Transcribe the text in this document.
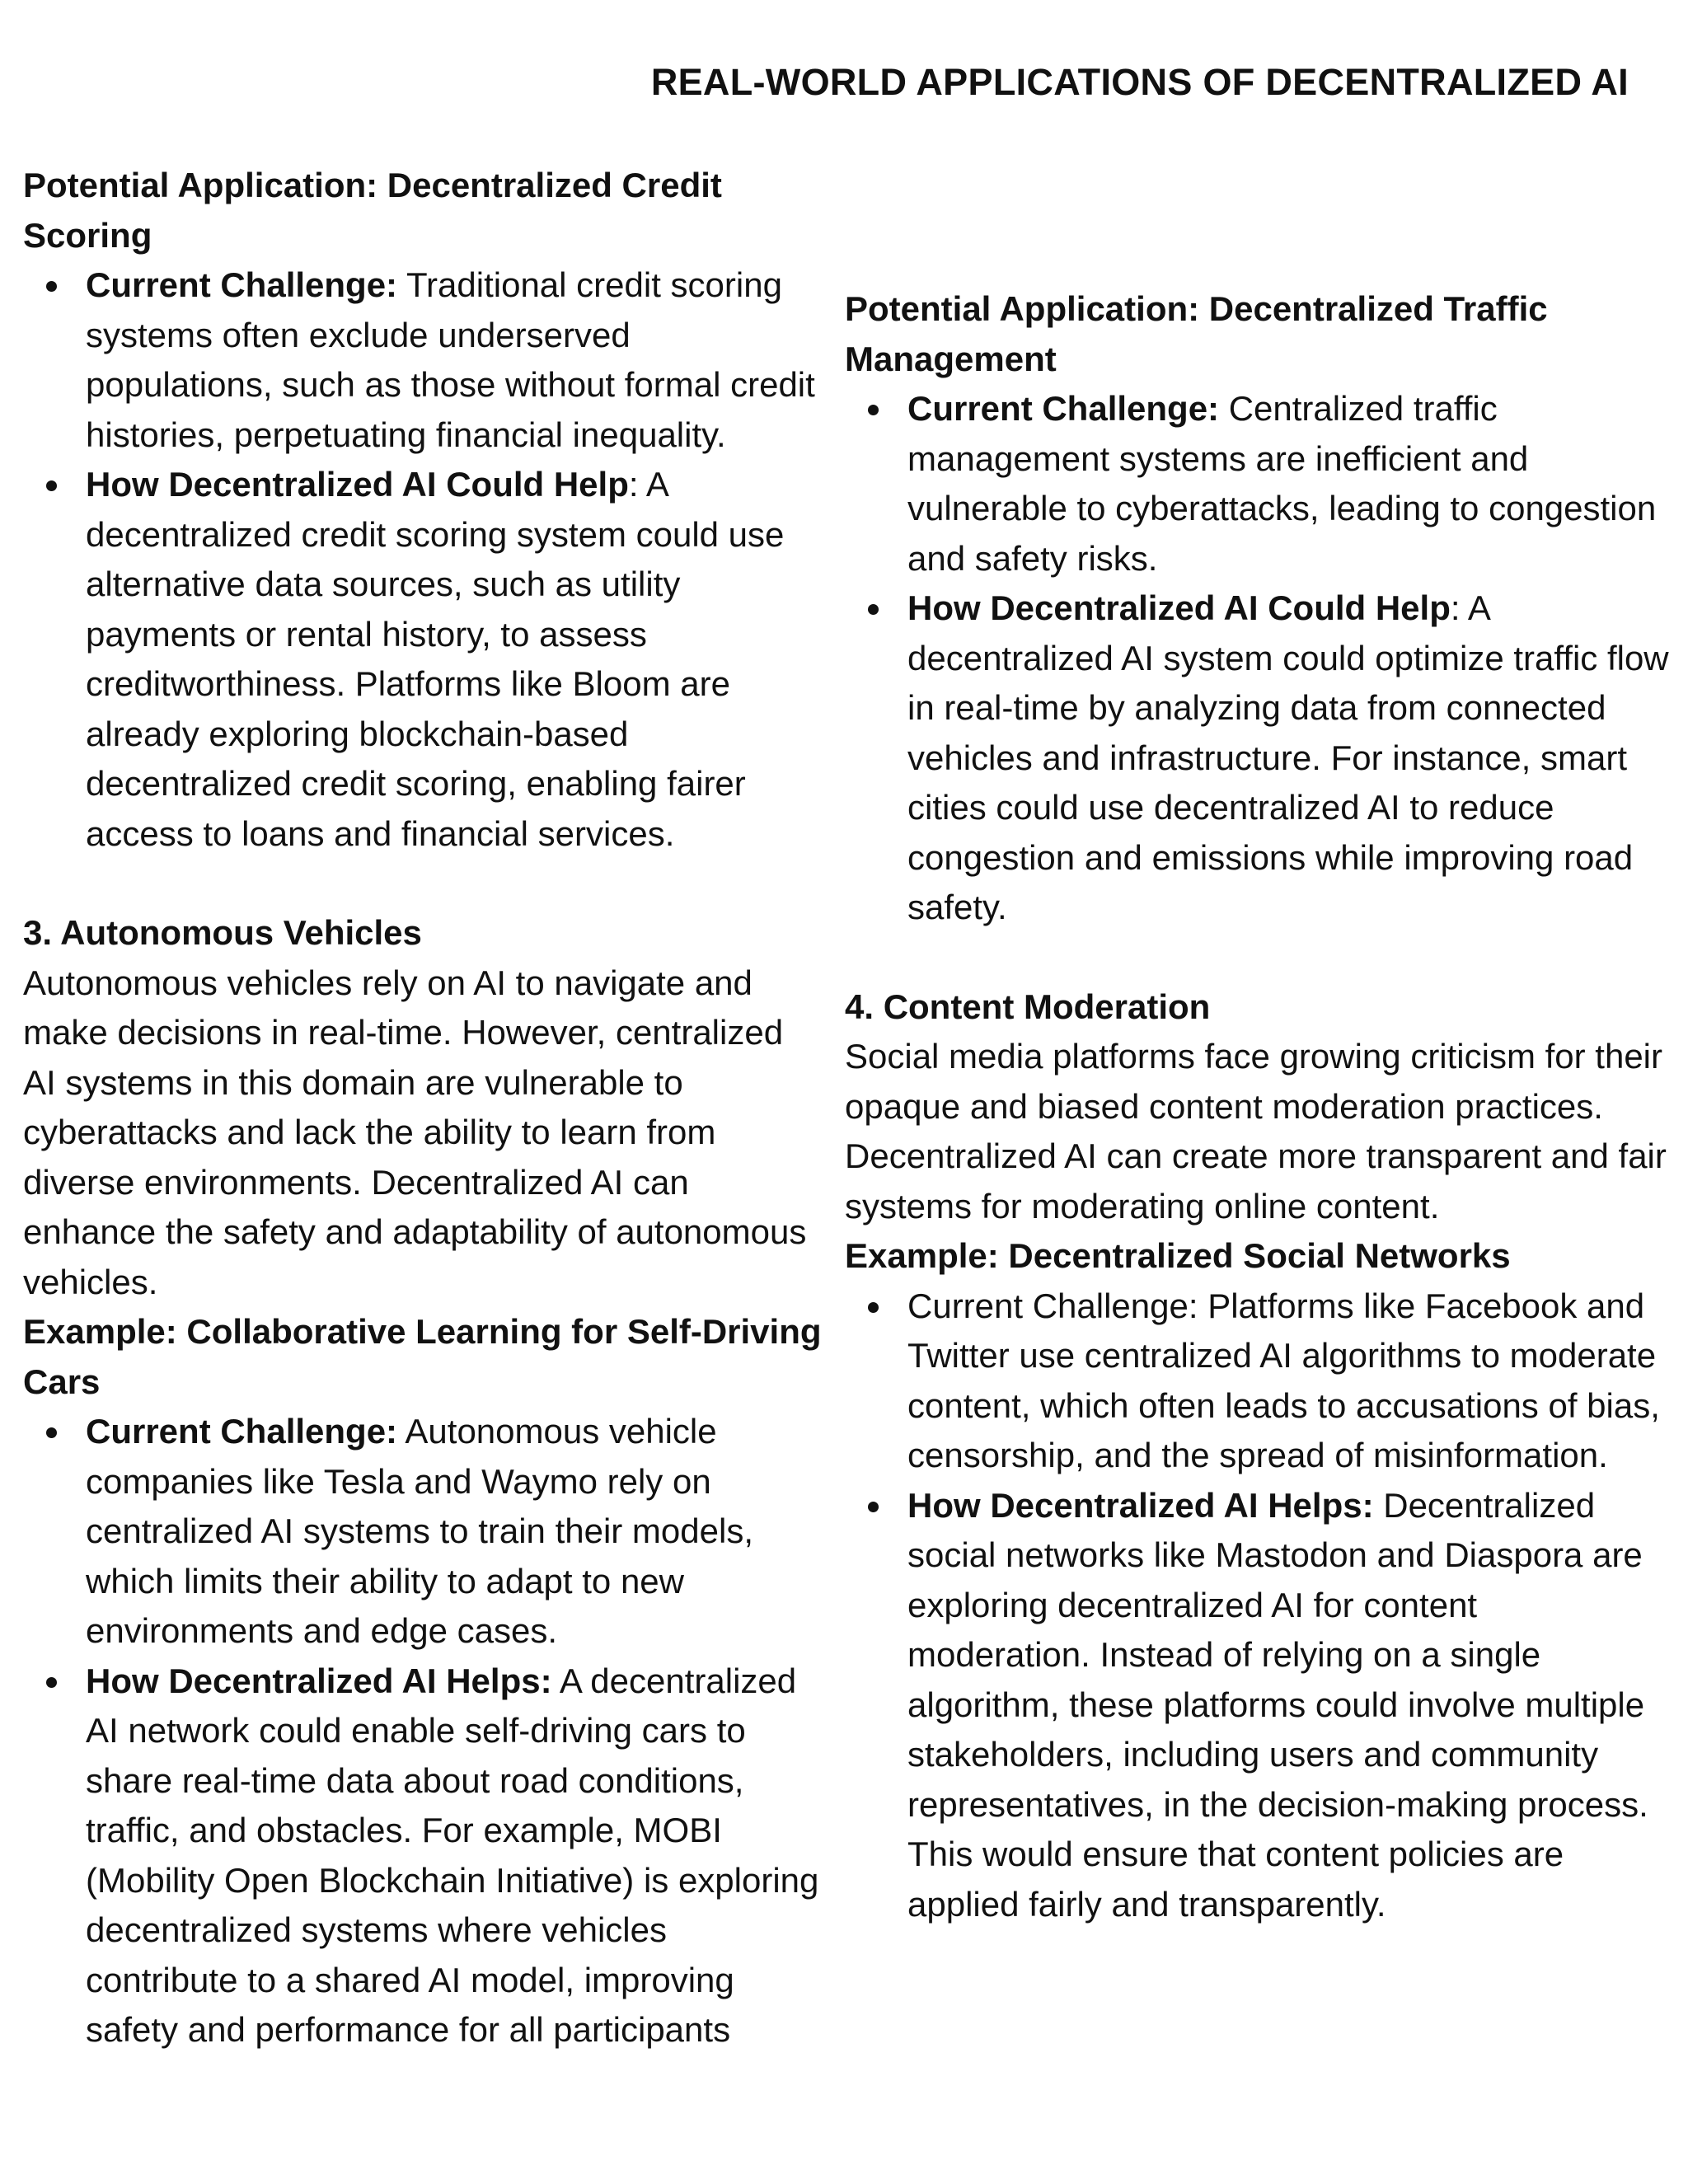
REAL-WORLD APPLICATIONS OF DECENTRALIZED AI

Potential Application: Decentralized Credit Scoring

Current Challenge: Traditional credit scoring systems often exclude underserved populations, such as those without formal credit histories, perpetuating financial inequality.
How Decentralized AI Could Help: A decentralized credit scoring system could use alternative data sources, such as utility payments or rental history, to assess creditworthiness. Platforms like Bloom are already exploring blockchain-based decentralized credit scoring, enabling fairer access to loans and financial services.

3. Autonomous Vehicles

Autonomous vehicles rely on AI to navigate and make decisions in real-time. However, centralized AI systems in this domain are vulnerable to cyberattacks and lack the ability to learn from diverse environments. Decentralized AI can enhance the safety and adaptability of autonomous vehicles.

Example: Collaborative Learning for Self-Driving Cars

Current Challenge: Autonomous vehicle companies like Tesla and Waymo rely on centralized AI systems to train their models, which limits their ability to adapt to new environments and edge cases.
How Decentralized AI Helps: A decentralized AI network could enable self-driving cars to share real-time data about road conditions, traffic, and obstacles. For example, MOBI (Mobility Open Blockchain Initiative) is exploring decentralized systems where vehicles contribute to a shared AI model, improving safety and performance for all participants

Potential Application: Decentralized Traffic Management

Current Challenge: Centralized traffic management systems are inefficient and vulnerable to cyberattacks, leading to congestion and safety risks.
How Decentralized AI Could Help: A decentralized AI system could optimize traffic flow in real-time by analyzing data from connected vehicles and infrastructure. For instance, smart cities could use decentralized AI to reduce congestion and emissions while improving road safety.

4. Content Moderation

Social media platforms face growing criticism for their opaque and biased content moderation practices. Decentralized AI can create more transparent and fair systems for moderating online content.

Example: Decentralized Social Networks

Current Challenge: Platforms like Facebook and Twitter use centralized AI algorithms to moderate content, which often leads to accusations of bias, censorship, and the spread of misinformation.
How Decentralized AI Helps: Decentralized social networks like Mastodon and Diaspora are exploring decentralized AI for content moderation. Instead of relying on a single algorithm, these platforms could involve multiple stakeholders, including users and community representatives, in the decision-making process. This would ensure that content policies are applied fairly and transparently.
